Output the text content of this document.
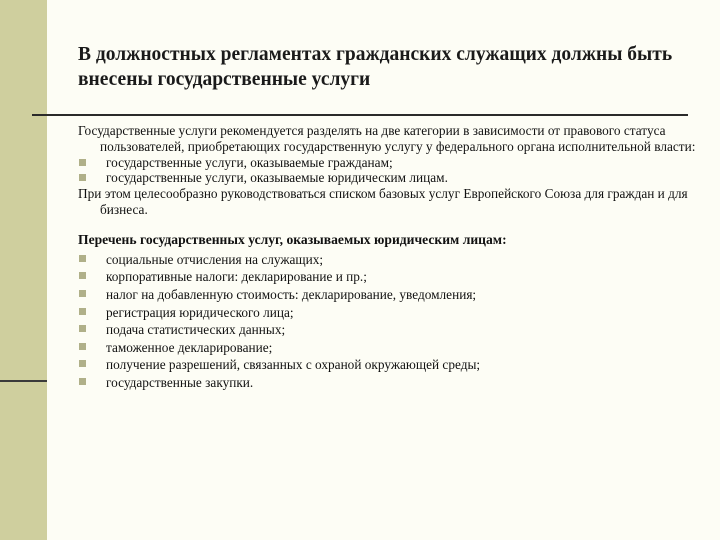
В должностных регламентах гражданских служащих должны быть внесены государственные услуги

Государственные услуги рекомендуется разделять на две категории в зависимости от правового статуса пользователей, приобретающих государственную услугу у федерального органа исполнительной власти:

государственные услуги, оказываемые гражданам;

государственные услуги, оказываемые юридическим лицам.

При этом целесообразно руководствоваться списком базовых услуг Европейского Союза для граждан и для бизнеса.

Перечень государственных услуг, оказываемых юридическим лицам:

социальные отчисления на служащих;

корпоративные налоги: декларирование и пр.;

налог на добавленную стоимость: декларирование, уведомления;

регистрация юридического лица;

подача статистических данных;

таможенное декларирование;

получение разрешений, связанных с охраной окружающей среды;

государственные закупки.
